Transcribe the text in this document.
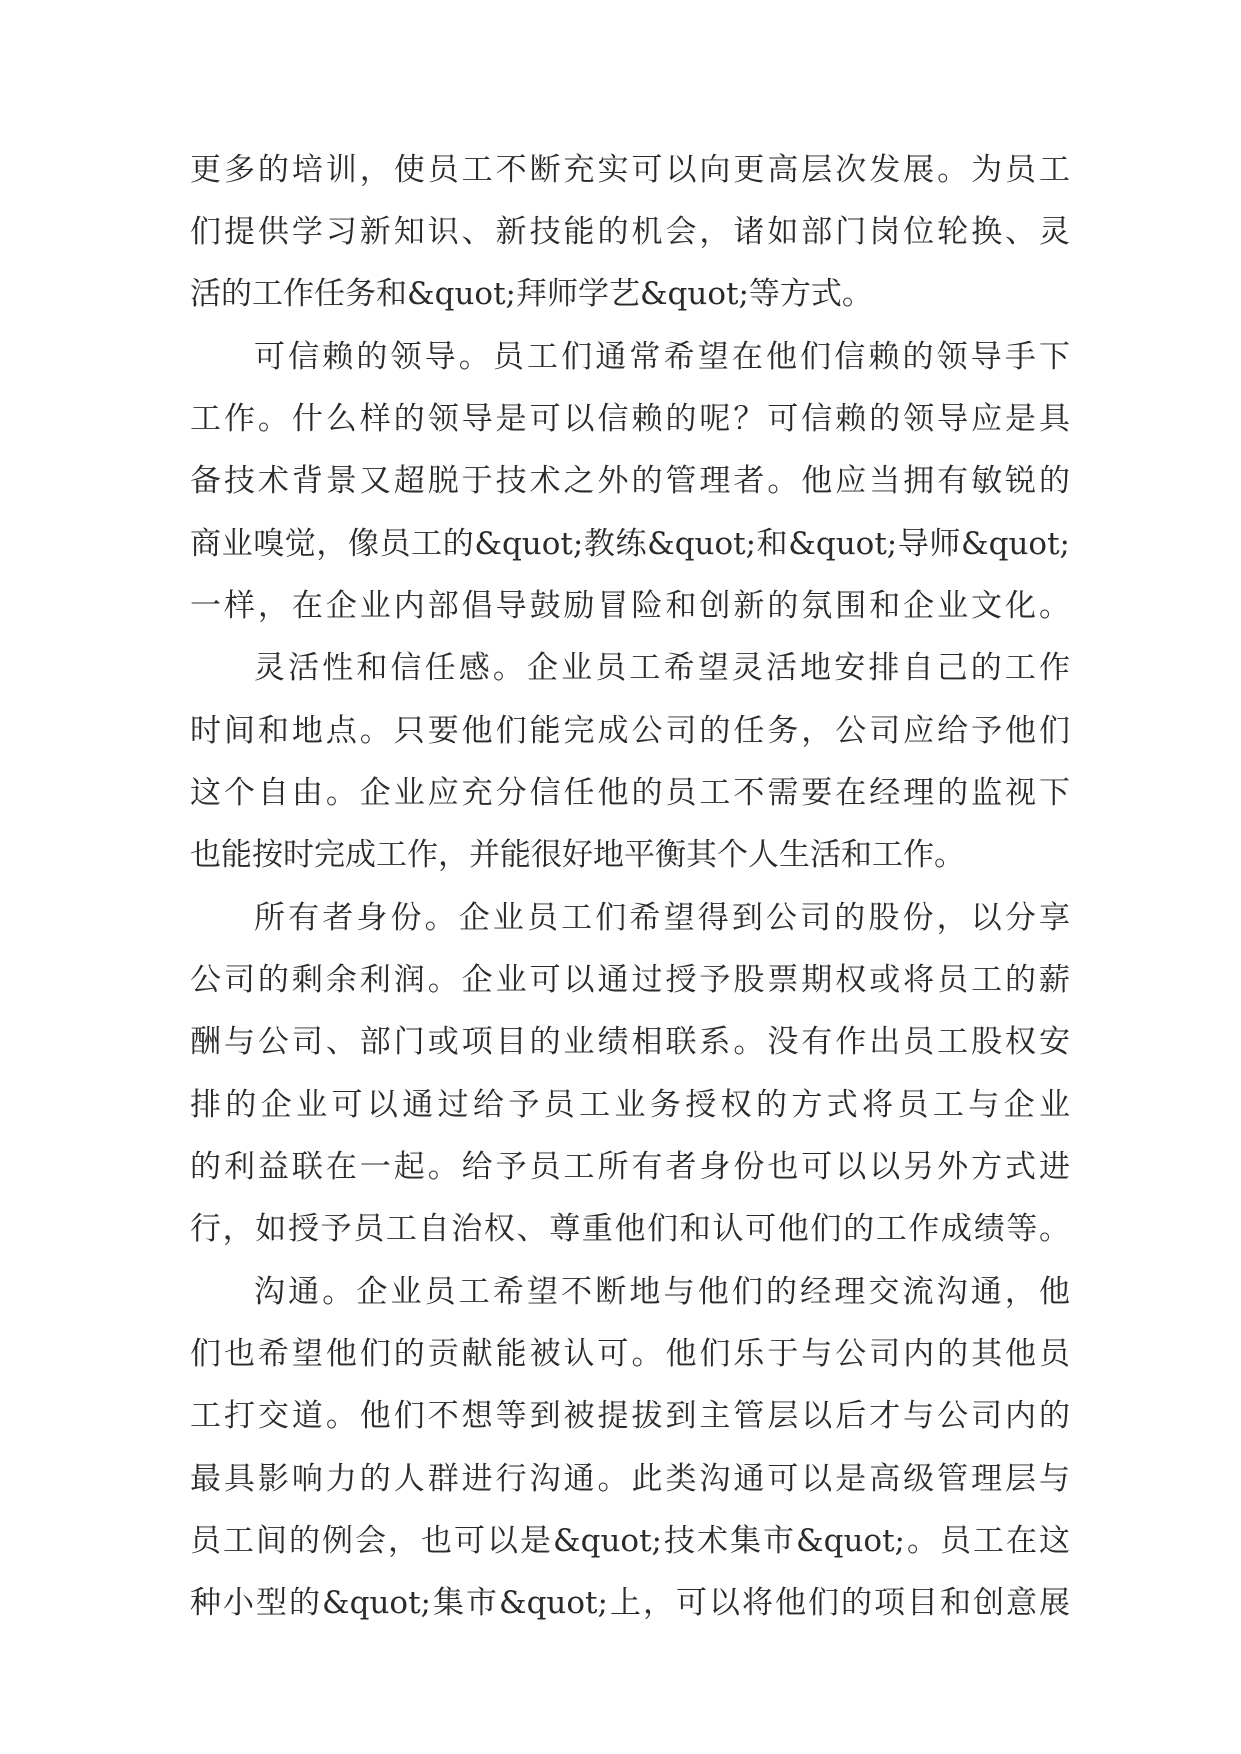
更多的培训，使员工不断充实可以向更高层次发展。为员工
们提供学习新知识、新技能的机会，诸如部门岗位轮换、灵
活的工作任务和&quot;拜师学艺&quot;等方式。
可信赖的领导。员工们通常希望在他们信赖的领导手下
工作。什么样的领导是可以信赖的呢？可信赖的领导应是具
备技术背景又超脱于技术之外的管理者。他应当拥有敏锐的
商业嗅觉，像员工的&quot;教练&quot;和&quot;导师&quot;
一样，在企业内部倡导鼓励冒险和创新的氛围和企业文化。
灵活性和信任感。企业员工希望灵活地安排自己的工作
时间和地点。只要他们能完成公司的任务，公司应给予他们
这个自由。企业应充分信任他的员工不需要在经理的监视下
也能按时完成工作，并能很好地平衡其个人生活和工作。
所有者身份。企业员工们希望得到公司的股份，以分享
公司的剩余利润。企业可以通过授予股票期权或将员工的薪
酬与公司、部门或项目的业绩相联系。没有作出员工股权安
排的企业可以通过给予员工业务授权的方式将员工与企业
的利益联在一起。给予员工所有者身份也可以以另外方式进
行，如授予员工自治权、尊重他们和认可他们的工作成绩等。
沟通。企业员工希望不断地与他们的经理交流沟通，他
们也希望他们的贡献能被认可。他们乐于与公司内的其他员
工打交道。他们不想等到被提拔到主管层以后才与公司内的
最具影响力的人群进行沟通。此类沟通可以是高级管理层与
员工间的例会，也可以是&quot;技术集市&quot;。员工在这
种小型的&quot;集市&quot;上，可以将他们的项目和创意展
